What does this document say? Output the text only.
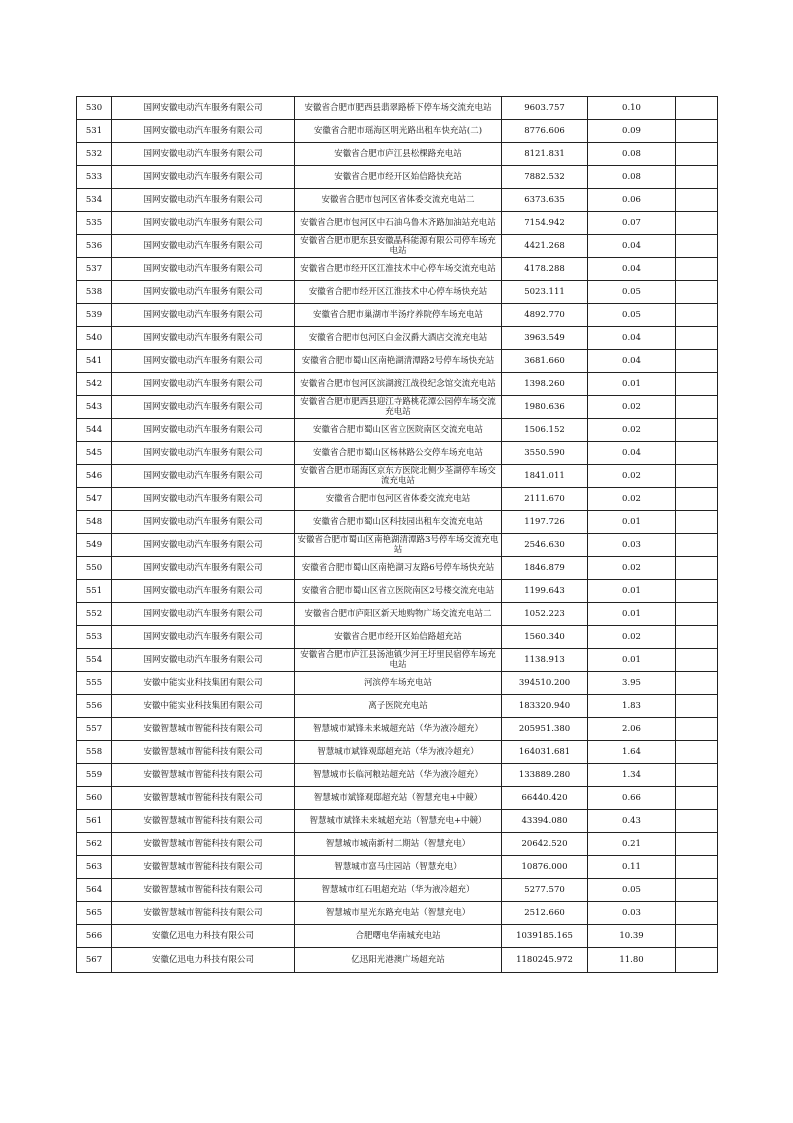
530	国网安徽电动汽车服务有限公司	安徽省合肥市肥西县翡翠路桥下停车场交流充电站	9603.757	0.10	
531	国网安徽电动汽车服务有限公司	安徽省合肥市瑶海区明光路出租车快充站(二)	8776.606	0.09	
532	国网安徽电动汽车服务有限公司	安徽省合肥市庐江县松棵路充电站	8121.831	0.08	
533	国网安徽电动汽车服务有限公司	安徽省合肥市经开区始信路快充站	7882.532	0.08	
534	国网安徽电动汽车服务有限公司	安徽省合肥市包河区省体委交流充电站二	6373.635	0.06	
535	国网安徽电动汽车服务有限公司	安徽省合肥市包河区中石油乌鲁木齐路加油站充电站	7154.942	0.07	
536	国网安徽电动汽车服务有限公司	安徽省合肥市肥东县安徽晶科能源有限公司停车场充电站	4421.268	0.04	
537	国网安徽电动汽车服务有限公司	安徽省合肥市经开区江淮技术中心停车场交流充电站	4178.288	0.04	
538	国网安徽电动汽车服务有限公司	安徽省合肥市经开区江淮技术中心停车场快充站	5023.111	0.05	
539	国网安徽电动汽车服务有限公司	安徽省合肥市巢湖市半汤疗养院停车场充电站	4892.770	0.05	
540	国网安徽电动汽车服务有限公司	安徽省合肥市包河区白金汉爵大酒店交流充电站	3963.549	0.04	
541	国网安徽电动汽车服务有限公司	安徽省合肥市蜀山区南艳湖清潭路2号停车场快充站	3681.660	0.04	
542	国网安徽电动汽车服务有限公司	安徽省合肥市包河区滨湖渡江战役纪念馆交流充电站	1398.260	0.01	
543	国网安徽电动汽车服务有限公司	安徽省合肥市肥西县迎江寺路桃花潭公园停车场交流充电站	1980.636	0.02	
544	国网安徽电动汽车服务有限公司	安徽省合肥市蜀山区省立医院南区交流充电站	1506.152	0.02	
545	国网安徽电动汽车服务有限公司	安徽省合肥市蜀山区杨林路公交停车场充电站	3550.590	0.04	
546	国网安徽电动汽车服务有限公司	安徽省合肥市瑶海区京东方医院北侧少荃湖停车场交流充电站	1841.011	0.02	
547	国网安徽电动汽车服务有限公司	安徽省合肥市包河区省体委交流充电站	2111.670	0.02	
548	国网安徽电动汽车服务有限公司	安徽省合肥市蜀山区科技园出租车交流充电站	1197.726	0.01	
549	国网安徽电动汽车服务有限公司	安徽省合肥市蜀山区南艳湖清潭路3号停车场交流充电站	2546.630	0.03	
550	国网安徽电动汽车服务有限公司	安徽省合肥市蜀山区南艳湖习友路6号停车场快充站	1846.879	0.02	
551	国网安徽电动汽车服务有限公司	安徽省合肥市蜀山区省立医院南区2号楼交流充电站	1199.643	0.01	
552	国网安徽电动汽车服务有限公司	安徽省合肥市庐阳区新天地购物广场交流充电站二	1052.223	0.01	
553	国网安徽电动汽车服务有限公司	安徽省合肥市经开区始信路超充站	1560.340	0.02	
554	国网安徽电动汽车服务有限公司	安徽省合肥市庐江县汤池镇少河王圩里民宿停车场充电站	1138.913	0.01	
555	安徽中能实业科技集团有限公司	河滨停车场充电站	394510.200	3.95	
556	安徽中能实业科技集团有限公司	离子医院充电站	183320.940	1.83	
557	安徽智慧城市智能科技有限公司	智慧城市斌锋未来城超充站（华为液冷超充）	205951.380	2.06	
558	安徽智慧城市智能科技有限公司	智慧城市斌锋观邸超充站（华为液冷超充）	164031.681	1.64	
559	安徽智慧城市智能科技有限公司	智慧城市长临河粮站超充站（华为液冷超充）	133889.280	1.34	
560	安徽智慧城市智能科技有限公司	智慧城市斌锋观邸超充站（智慧充电+中競）	66440.420	0.66	
561	安徽智慧城市智能科技有限公司	智慧城市斌锋未来城超充站（智慧充电+中競）	43394.080	0.43	
562	安徽智慧城市智能科技有限公司	智慧城市城南新村二期站（智慧充电）	20642.520	0.21	
563	安徽智慧城市智能科技有限公司	智慧城市富马庄园站（智慧充电）	10876.000	0.11	
564	安徽智慧城市智能科技有限公司	智慧城市红石咀超充站（华为液冷超充）	5277.570	0.05	
565	安徽智慧城市智能科技有限公司	智慧城市星光东路充电站（智慧充电）	2512.660	0.03	
566	安徽亿迅电力科技有限公司	合肥曙电华南城充电站	1039185.165	10.39	
567	安徽亿迅电力科技有限公司	亿迅阳光港澳广场超充站	1180245.972	11.80	
